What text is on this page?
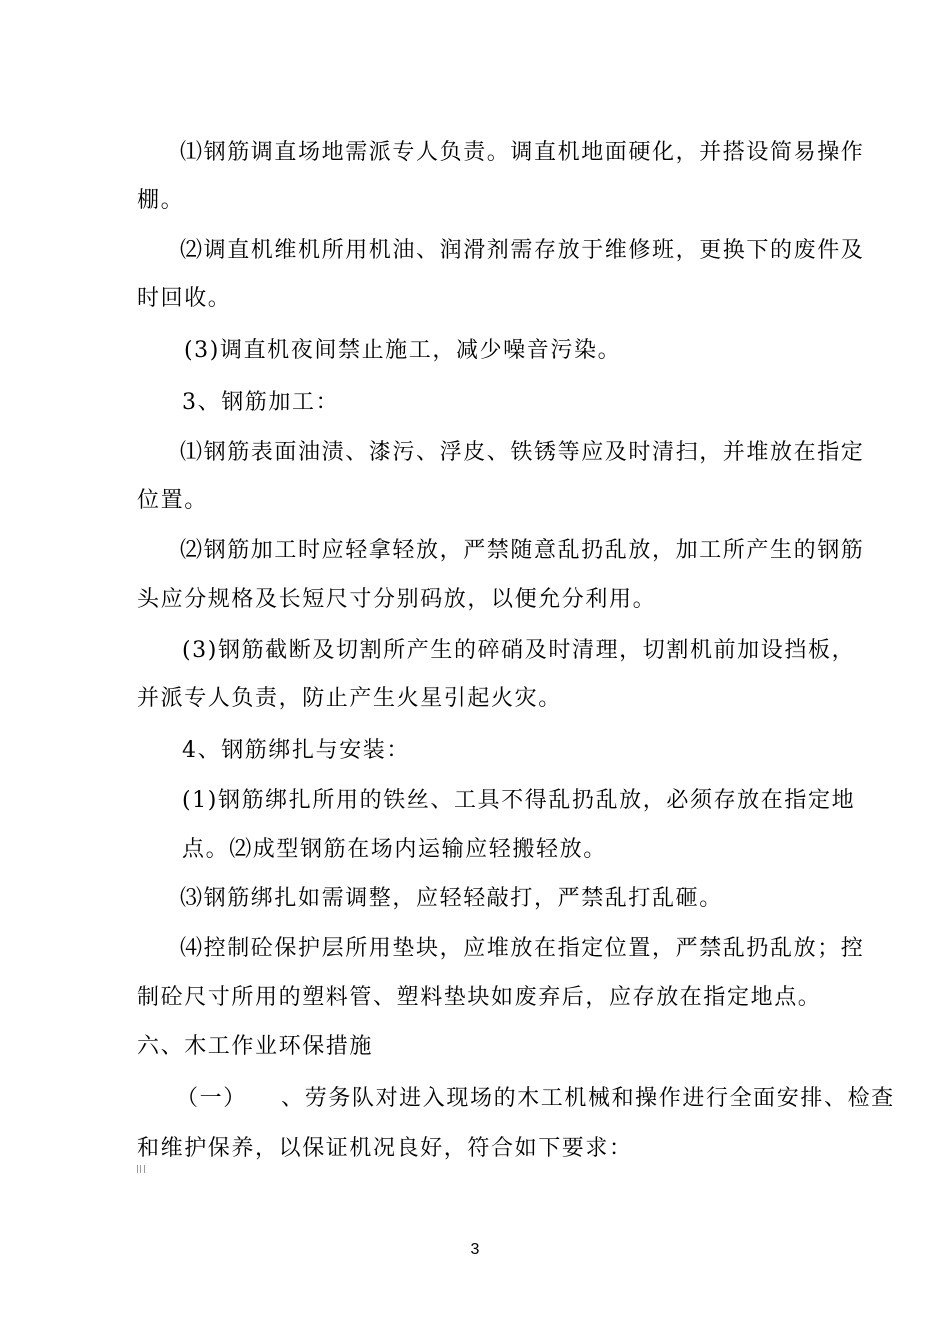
⑴钢筋调直场地需派专人负责。调直机地面硬化，并搭设简易操作
棚。
⑵调直机维机所用机油、润滑剂需存放于维修班，更换下的废件及
时回收。
(3)调直机夜间禁止施工，减少噪音污染。
3、钢筋加工：
⑴钢筋表面油渍、漆污、浮皮、铁锈等应及时清扫，并堆放在指定
位置。
⑵钢筋加工时应轻拿轻放，严禁随意乱扔乱放，加工所产生的钢筋
头应分规格及长短尺寸分别码放，以便允分利用。
(3)钢筋截断及切割所产生的碎硝及时清理，切割机前加设挡板，
并派专人负责，防止产生火星引起火灾。
4、钢筋绑扎与安装：
(1)钢筋绑扎所用的铁丝、工具不得乱扔乱放，必须存放在指定地
点。⑵成型钢筋在场内运输应轻搬轻放。
⑶钢筋绑扎如需调整，应轻轻敲打，严禁乱打乱砸。
⑷控制砼保护层所用垫块，应堆放在指定位置，严禁乱扔乱放；控
制砼尺寸所用的塑料管、塑料垫块如废弃后，应存放在指定地点。
六、木工作业环保措施
（一）    、劳务队对进入现场的木工机械和操作进行全面安排、检查
和维护保养，以保证机况良好，符合如下要求：
3
